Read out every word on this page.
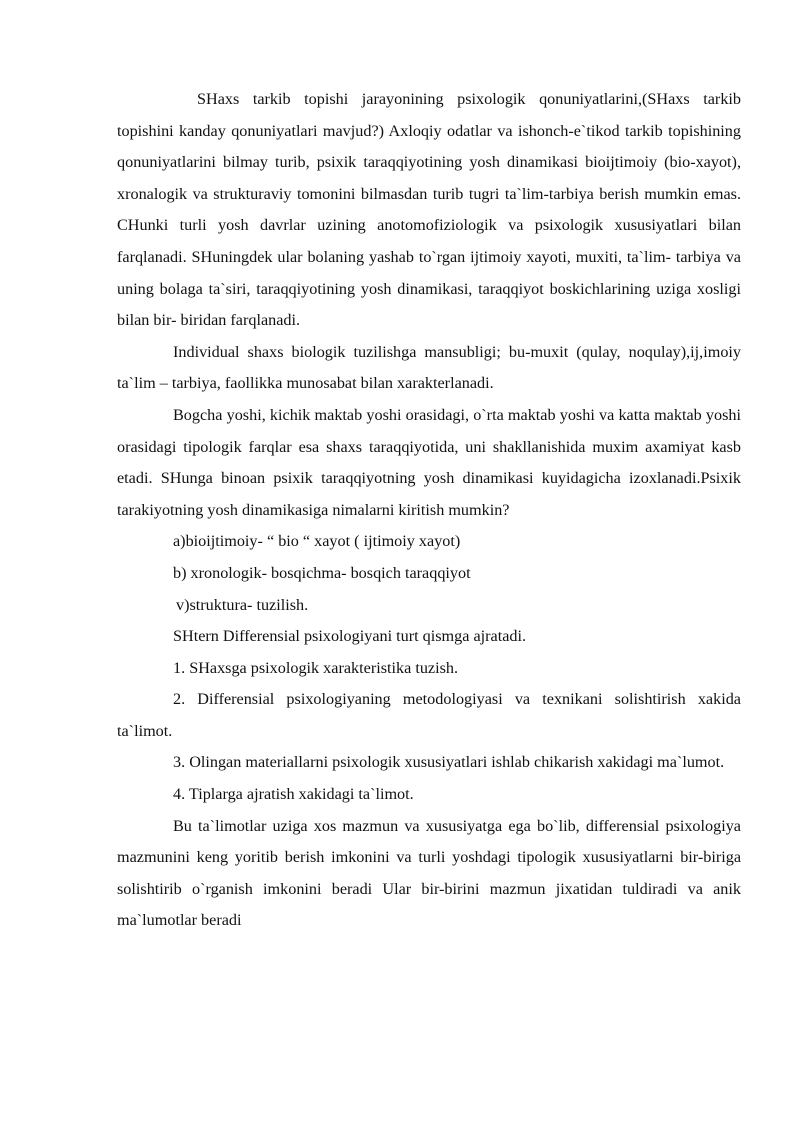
SHaxs tarkib topishi jarayonining psixologik qonuniyatlarini,(SHaxs tarkib topishini kanday qonuniyatlari mavjud?) Axloqiy odatlar va ishonch-e`tikod tarkib topishining qonuniyatlarini bilmay turib, psixik taraqqiyotining yosh dinamikasi bioijtimoiy (bio-xayot), xronalogik va strukturaviy tomonini bilmasdan turib tugri ta`lim-tarbiya berish mumkin emas. CHunki turli yosh davrlar uzining anotomofiziologik va psixologik xususiyatlari bilan farqlanadi. SHuningdek ular bolaning yashab to`rgan ijtimoiy xayoti, muxiti, ta`lim- tarbiya va uning bolaga ta`siri, taraqqiyotining yosh dinamikasi, taraqqiyot boskichlarining uziga xosligi bilan bir- biridan farqlanadi.

Individual shaxs biologik tuzilishga mansubligi; bu-muxit (qulay, noqulay),ij,imoiy ta`lim – tarbiya, faollikka munosabat bilan xarakterlanadi.

Bogcha yoshi, kichik maktab yoshi orasidagi, o`rta maktab yoshi va katta maktab yoshi orasidagi tipologik farqlar esa shaxs taraqqiyotida, uni shakllanishida muxim axamiyat kasb etadi. SHunga binoan psixik taraqqiyotning yosh dinamikasi kuyidagicha izoxlanadi.Psixik tarakiyotning yosh dinamikasiga nimalarni kiritish mumkin?

a)bioijtimoiy- “ bio “ xayot ( ijtimoiy xayot)

b) xronologik- bosqichma- bosqich taraqqiyot

v)struktura- tuzilish.

SHtern Differensial psixologiyani turt qismga ajratadi.

1. SHaxsga psixologik xarakteristika tuzish.

2. Differensial psixologiyaning metodologiyasi va texnikani solishtirish xakida ta`limot.

3. Olingan materiallarni psixologik xususiyatlari ishlab chikarish xakidagi ma`lumot.

4. Tiplarga ajratish xakidagi ta`limot.

Bu ta`limotlar uziga xos mazmun va xususiyatga ega bo`lib, differensial psixologiya mazmunini keng yoritib berish imkonini va turli yoshdagi tipologik xususiyatlarni bir-biriga solishtirib o`rganish imkonini beradi Ular bir-birini mazmun jixatidan tuldiradi va anik ma`lumotlar beradi
